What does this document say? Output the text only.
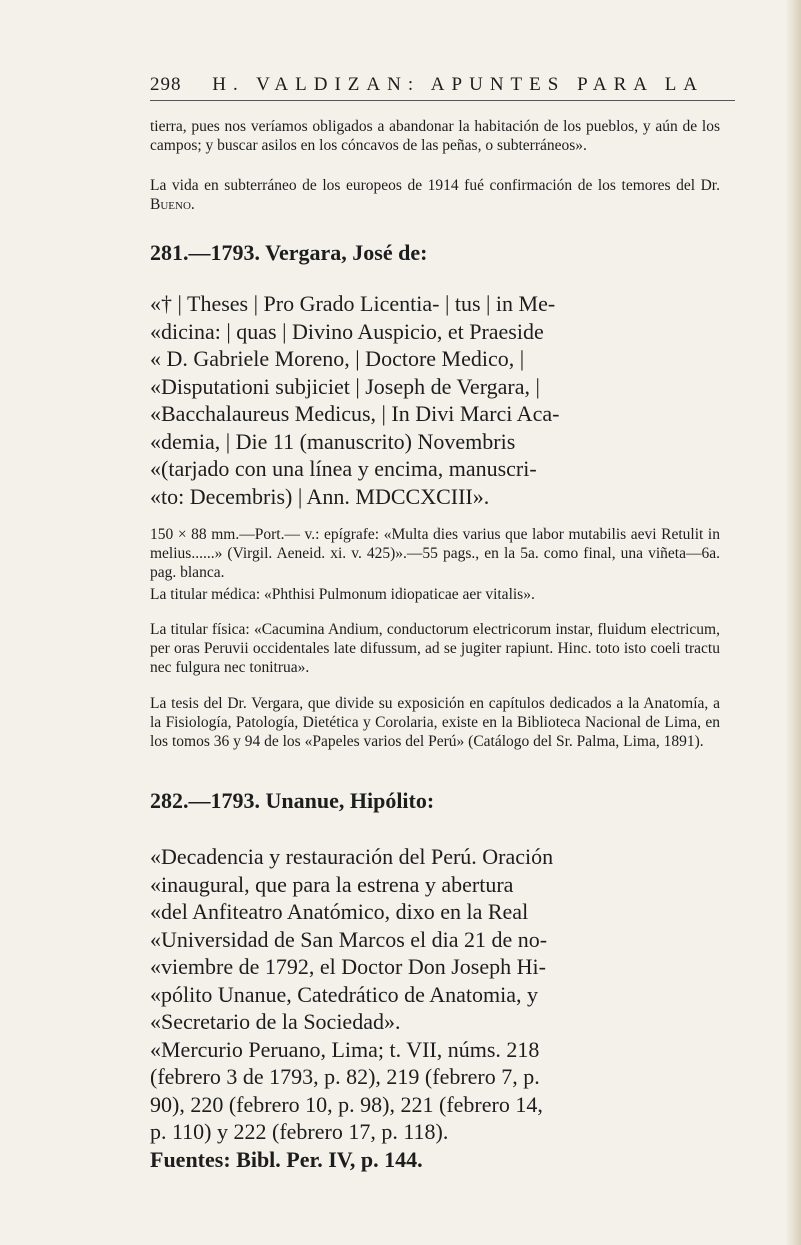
298 H. VALDIZAN: APUNTES PARA LA

tierra, pues nos veríamos obligados a abandonar la habitación de los pueblos, y aún de los campos; y buscar asilos en los cóncavos de las peñas, o subterráneos».

La vida en subterráneo de los europeos de 1914 fué confirmación de los temores del Dr. Bueno.

281.—1793. Vergara, José de:

«† | Theses | Pro Grado Licentia- | tus | in Me-
«dicina: | quas | Divino Auspicio, et Praeside
« D. Gabriele Moreno, | Doctore Medico, |
«Disputationi subjiciet | Joseph de Vergara, |
«Bacchalaureus Medicus, | In Divi Marci Aca-
«demia, | Die 11 (manuscrito) Novembris
«(tarjado con una línea y encima, manuscri-
«to: Decembris) | Ann. MDCCXCIII».

150 × 88 mm.—Port.— v.: epígrafe: «Multa dies varius que labor mutabilis aevi Retulit in melius......» (Virgil. Aeneid. xi. v. 425)».—55 pags., en la 5a. como final, una viñeta—6a. pag. blanca.

La titular médica: «Phthisi Pulmonum idiopaticae aer vitalis».

La titular física: «Cacumina Andium, conductorum electricorum instar, fluidum electricum, per oras Peruvii occidentales late difussum, ad se jugiter rapiunt. Hinc. toto isto coeli tractu nec fulgura nec tonitrua».

La tesis del Dr. Vergara, que divide su exposición en capítulos dedicados a la Anatomía, a la Fisiología, Patología, Dietética y Corolaria, existe en la Biblioteca Nacional de Lima, en los tomos 36 y 94 de los «Papeles varios del Perú» (Catálogo del Sr. Palma, Lima, 1891).

282.—1793. Unanue, Hipólito:

«Decadencia y restauración del Perú. Oración
«inaugural, que para la estrena y abertura
«del Anfiteatro Anatómico, dixo en la Real
«Universidad de San Marcos el dia 21 de no-
«viembre de 1792, el Doctor Don Joseph Hi-
«pólito Unanue, Catedrático de Anatomia, y
«Secretario de la Sociedad».
«Mercurio Peruano, Lima; t. VII, núms. 218
(febrero 3 de 1793, p. 82), 219 (febrero 7, p.
90), 220 (febrero 10, p. 98), 221 (febrero 14,
p. 110) y 222 (febrero 17, p. 118).
Fuentes: Bibl. Per. IV, p. 144.
